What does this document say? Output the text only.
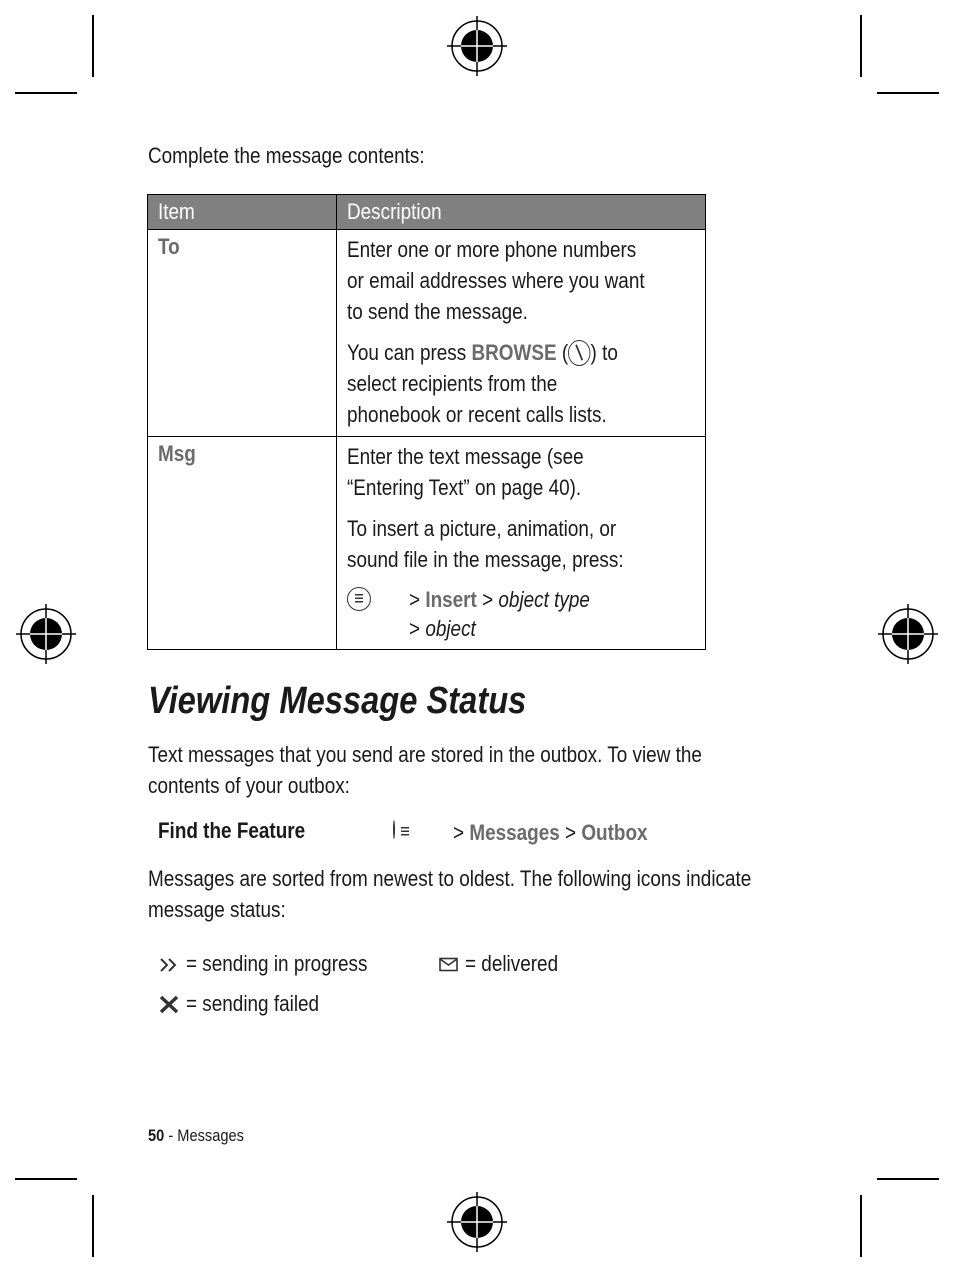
Complete the message contents:
Item	Description
To	Enter one or more phone numbers or email addresses where you want to send the message.

You can press BROWSE ( ) to select recipients from the phonebook or recent calls lists.

Msg	Enter the text message (see “Entering Text” on page 40).

To insert a picture, animation, or sound file in the message, press:

> Insert > object type
> object
Viewing Message Status
Text messages that you send are stored in the outbox. To view the contents of your outbox:
Find the Feature	> Messages > Outbox
Messages are sorted from newest to oldest. The following icons indicate message status:
= sending in progress	= delivered
= sending failed
50 - Messages
